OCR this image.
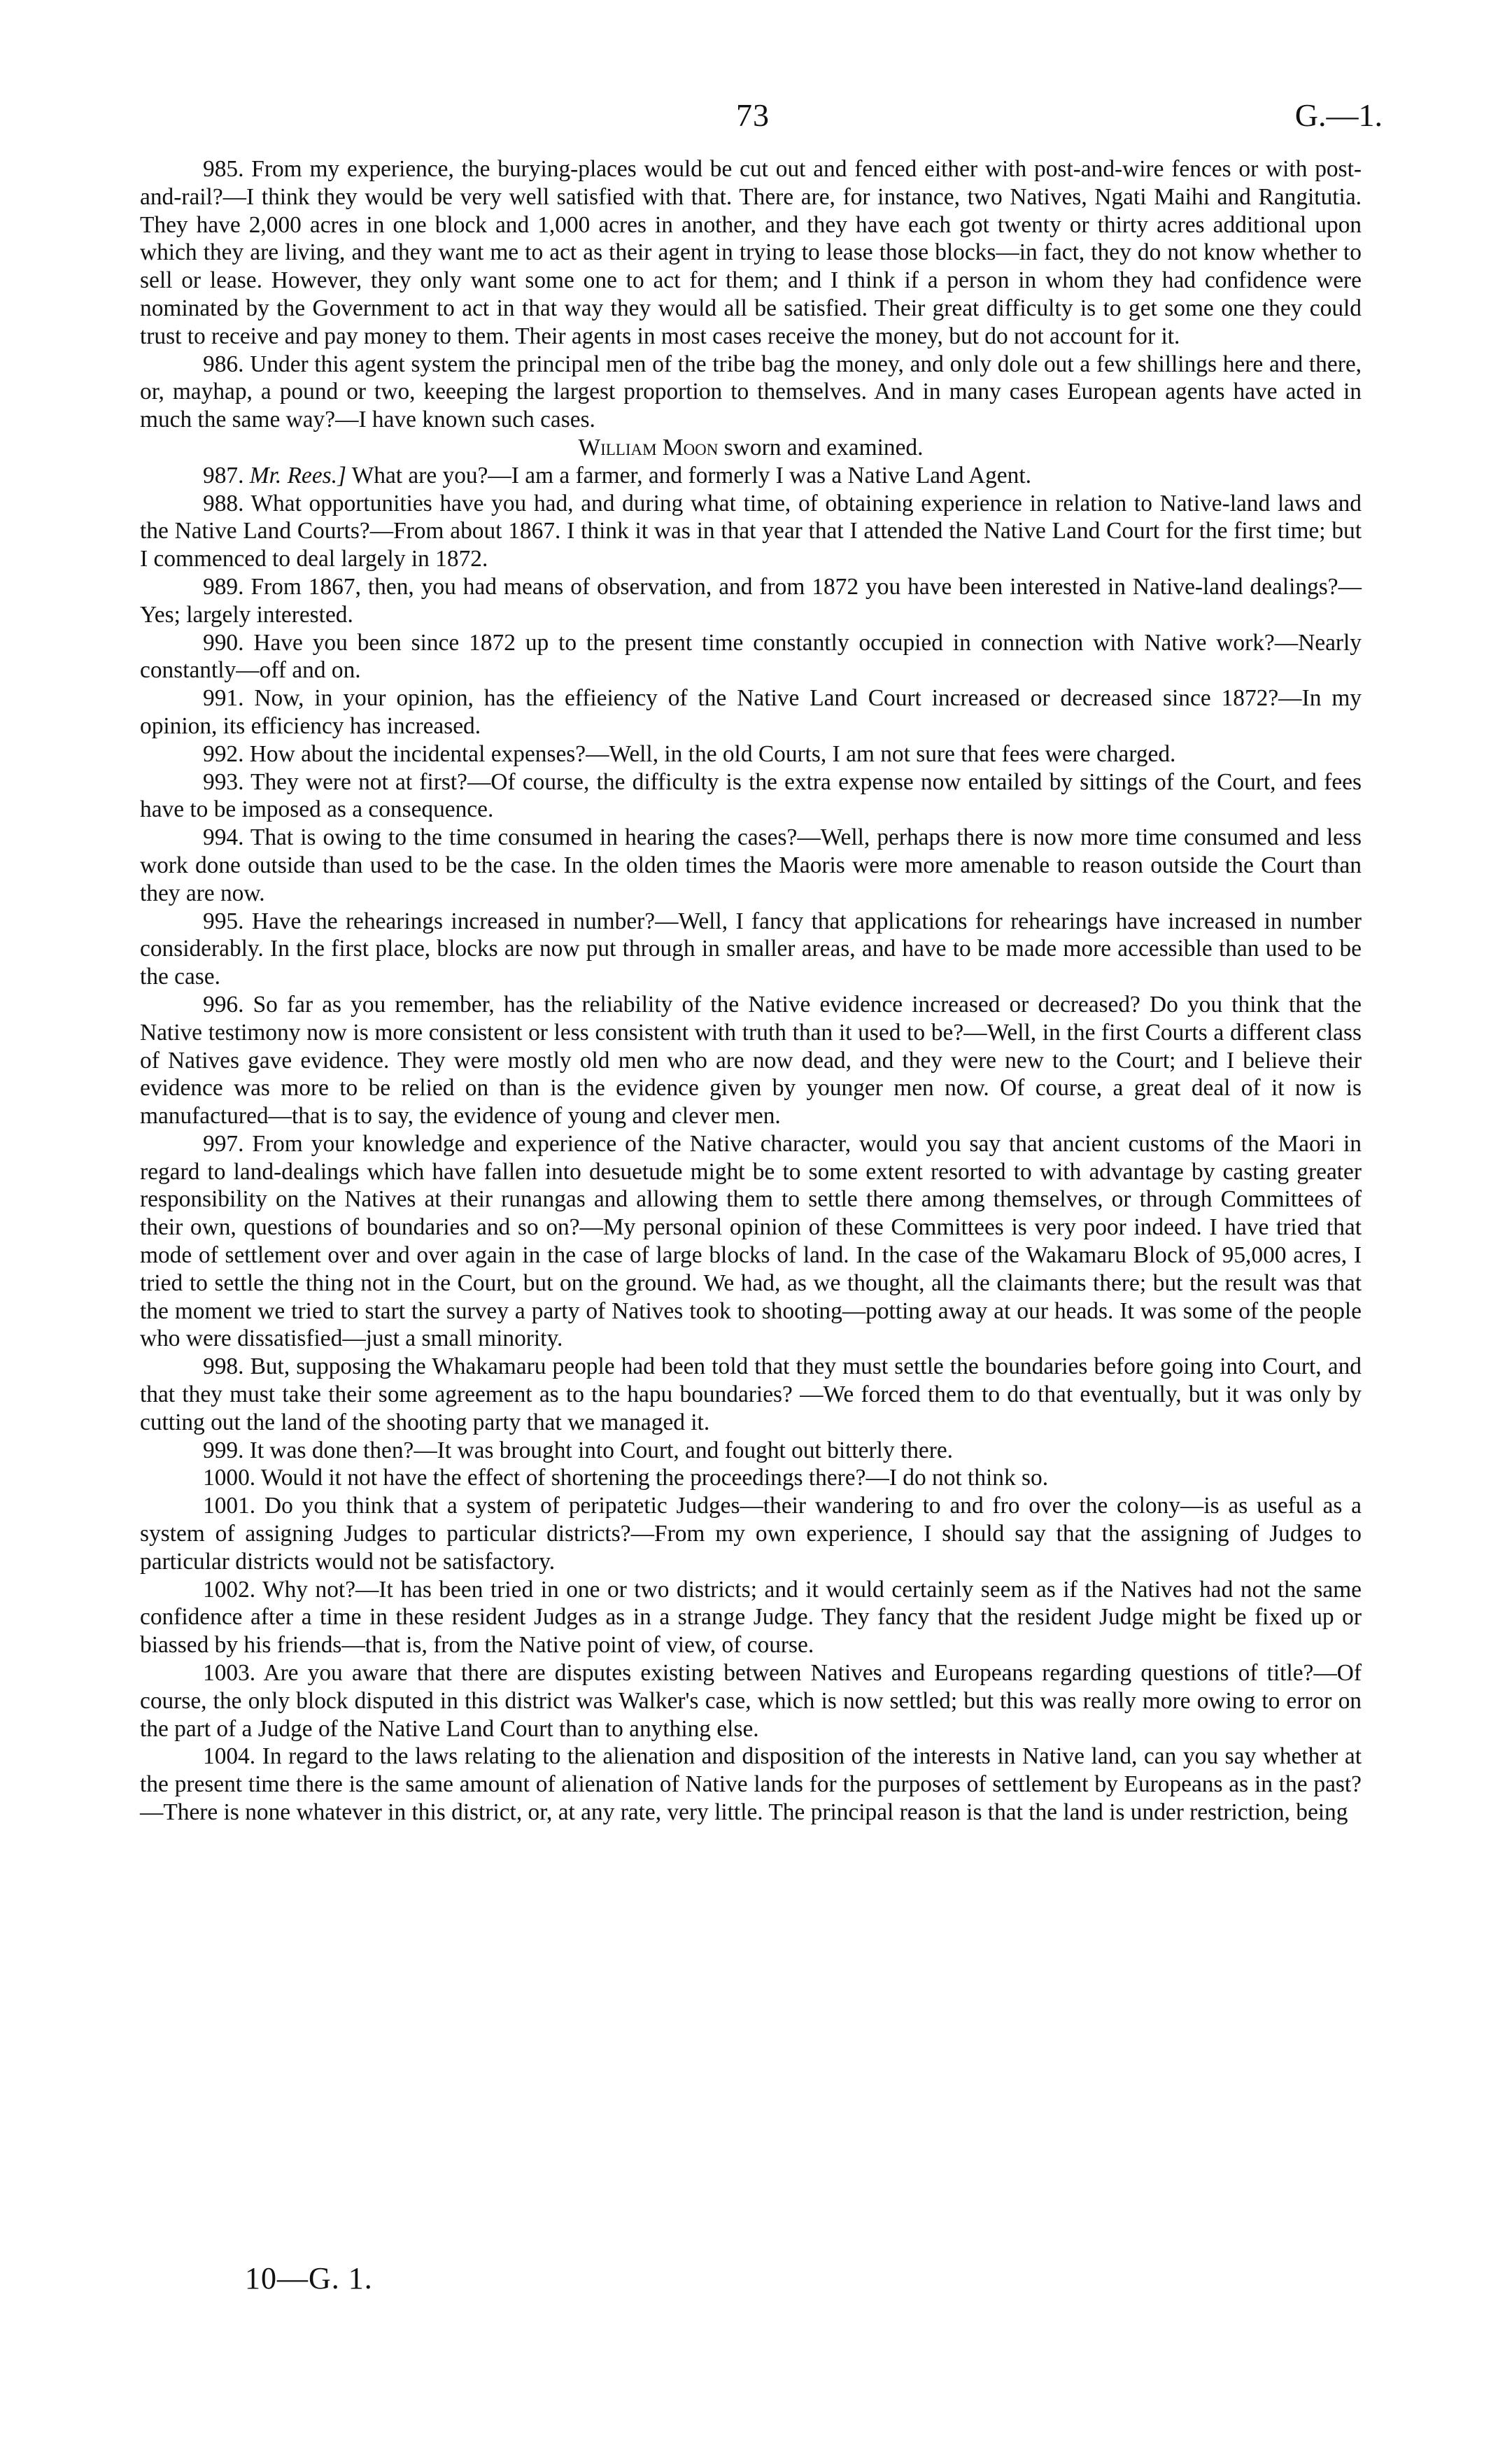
73	G.—1.

985. From my experience, the burying-places would be cut out and fenced either with post-and-wire fences or with post-and-rail?—I think they would be very well satisfied with that. There are, for instance, two Natives, Ngati Maihi and Rangitutia. They have 2,000 acres in one block and 1,000 acres in another, and they have each got twenty or thirty acres additional upon which they are living, and they want me to act as their agent in trying to lease those blocks—in fact, they do not know whether to sell or lease. However, they only want some one to act for them; and I think if a person in whom they had confidence were nominated by the Government to act in that way they would all be satisfied. Their great difficulty is to get some one they could trust to receive and pay money to them. Their agents in most cases receive the money, but do not account for it.

986. Under this agent system the principal men of the tribe bag the money, and only dole out a few shillings here and there, or, mayhap, a pound or two, keeeping the largest proportion to themselves. And in many cases European agents have acted in much the same way?—I have known such cases.

William Moon sworn and examined.

987. Mr. Rees.] What are you?—I am a farmer, and formerly I was a Native Land Agent.

988. What opportunities have you had, and during what time, of obtaining experience in relation to Native-land laws and the Native Land Courts?—From about 1867. I think it was in that year that I attended the Native Land Court for the first time; but I commenced to deal largely in 1872.

989. From 1867, then, you had means of observation, and from 1872 you have been interested in Native-land dealings?—Yes; largely interested.

990. Have you been since 1872 up to the present time constantly occupied in connection with Native work?—Nearly constantly—off and on.

991. Now, in your opinion, has the effieiency of the Native Land Court increased or decreased since 1872?—In my opinion, its efficiency has increased.

992. How about the incidental expenses?—Well, in the old Courts, I am not sure that fees were charged.

993. They were not at first?—Of course, the difficulty is the extra expense now entailed by sittings of the Court, and fees have to be imposed as a consequence.

994. That is owing to the time consumed in hearing the cases?—Well, perhaps there is now more time consumed and less work done outside than used to be the case. In the olden times the Maoris were more amenable to reason outside the Court than they are now.

995. Have the rehearings increased in number?—Well, I fancy that applications for rehearings have increased in number considerably. In the first place, blocks are now put through in smaller areas, and have to be made more accessible than used to be the case.

996. So far as you remember, has the reliability of the Native evidence increased or decreased? Do you think that the Native testimony now is more consistent or less consistent with truth than it used to be?—Well, in the first Courts a different class of Natives gave evidence. They were mostly old men who are now dead, and they were new to the Court; and I believe their evidence was more to be relied on than is the evidence given by younger men now. Of course, a great deal of it now is manufactured—that is to say, the evidence of young and clever men.

997. From your knowledge and experience of the Native character, would you say that ancient customs of the Maori in regard to land-dealings which have fallen into desuetude might be to some extent resorted to with advantage by casting greater responsibility on the Natives at their runangas and allowing them to settle there among themselves, or through Committees of their own, questions of boundaries and so on?—My personal opinion of these Committees is very poor indeed. I have tried that mode of settlement over and over again in the case of large blocks of land. In the case of the Wakamaru Block of 95,000 acres, I tried to settle the thing not in the Court, but on the ground. We had, as we thought, all the claimants there; but the result was that the moment we tried to start the survey a party of Natives took to shooting—potting away at our heads. It was some of the people who were dissatisfied—just a small minority.

998. But, supposing the Whakamaru people had been told that they must settle the boundaries before going into Court, and that they must take their some agreement as to the hapu boundaries? —We forced them to do that eventually, but it was only by cutting out the land of the shooting party that we managed it.

999. It was done then?—It was brought into Court, and fought out bitterly there.

1000. Would it not have the effect of shortening the proceedings there?—I do not think so.

1001. Do you think that a system of peripatetic Judges—their wandering to and fro over the colony—is as useful as a system of assigning Judges to particular districts?—From my own experience, I should say that the assigning of Judges to particular districts would not be satisfactory.

1002. Why not?—It has been tried in one or two districts; and it would certainly seem as if the Natives had not the same confidence after a time in these resident Judges as in a strange Judge. They fancy that the resident Judge might be fixed up or biassed by his friends—that is, from the Native point of view, of course.

1003. Are you aware that there are disputes existing between Natives and Europeans regarding questions of title?—Of course, the only block disputed in this district was Walker's case, which is now settled; but this was really more owing to error on the part of a Judge of the Native Land Court than to anything else.

1004. In regard to the laws relating to the alienation and disposition of the interests in Native land, can you say whether at the present time there is the same amount of alienation of Native lands for the purposes of settlement by Europeans as in the past?—There is none whatever in this district, or, at any rate, very little. The principal reason is that the land is under restriction, being

10—G. 1.
